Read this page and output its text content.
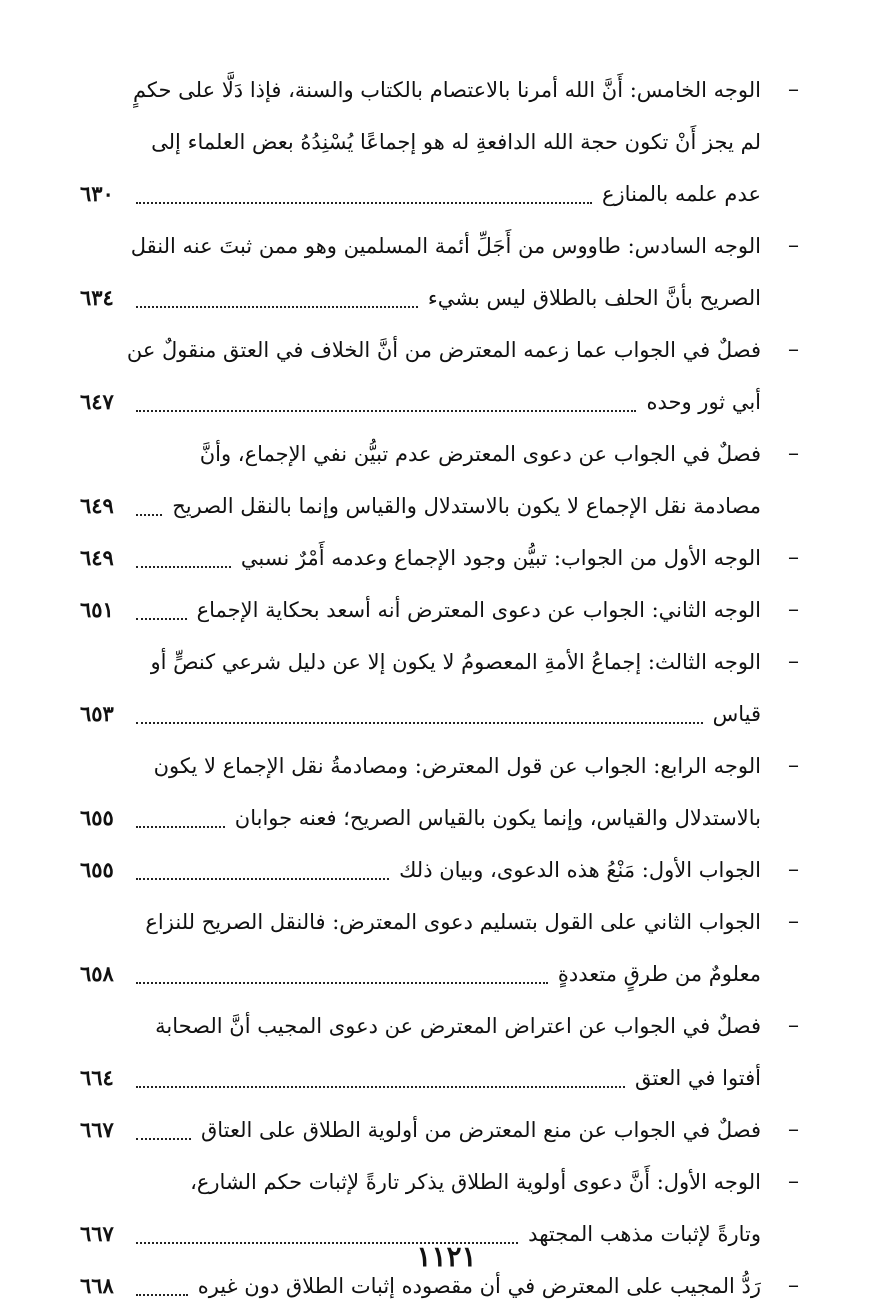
–
الوجه الخامس: أَنَّ الله أمرنا بالاعتصام بالكتاب والسنة، فإذا دَلَّا على حكمٍ
لم يجز أَنْ تكون حجة الله الدافعةِ له هو إجماعًا يُسْنِدُهُ بعض العلماء إلى
عدم علمه بالمنازع
٦٣٠
–
الوجه السادس: طاووس من أَجَلِّ أئمة المسلمين وهو ممن ثبتَ عنه النقل
الصريح بأنَّ الحلف بالطلاق ليس بشيء
٦٣٤
–
فصلٌ في الجواب عما زعمه المعترض من أنَّ الخلاف في العتق منقولٌ عن
أبي ثور وحده
٦٤٧
–
فصلٌ في الجواب عن دعوى المعترض عدم تبيُّن نفي الإجماع، وأنَّ
مصادمة نقل الإجماع لا يكون بالاستدلال والقياس وإنما بالنقل الصريح
٦٤٩
–
الوجه الأول من الجواب: تبيُّن وجود الإجماع وعدمه أَمْرٌ نسبي
٦٤٩
–
الوجه الثاني: الجواب عن دعوى المعترض أنه أسعد بحكاية الإجماع
٦٥١
–
الوجه الثالث: إجماعُ الأمةِ المعصومُ لا يكون إلا عن دليل شرعي كنصٍّ أو
قياس
٦٥٣
–
الوجه الرابع: الجواب عن قول المعترض: ومصادمةُ نقل الإجماع لا يكون
بالاستدلال والقياس، وإنما يكون بالقياس الصريح؛ فعنه جوابان
٦٥٥
–
الجواب الأول: مَنْعُ هذه الدعوى، وبيان ذلك
٦٥٥
–
الجواب الثاني على القول بتسليم دعوى المعترض: فالنقل الصريح للنزاع
معلومٌ من طرقٍ متعددةٍ
٦٥٨
–
فصلٌ في الجواب عن اعتراض المعترض عن دعوى المجيب أنَّ الصحابة
أفتوا في العتق
٦٦٤
–
فصلٌ في الجواب عن منع المعترض من أولوية الطلاق على العتاق
٦٦٧
–
الوجه الأول: أَنَّ دعوى أولوية الطلاق يذكر تارةً لإثبات حكم الشارع،
وتارةً لإثبات مذهب المجتهد
٦٦٧
–
رَدُّ المجيب على المعترض في أن مقصوده إثبات الطلاق دون غيره
٦٦٨
١١٢١
